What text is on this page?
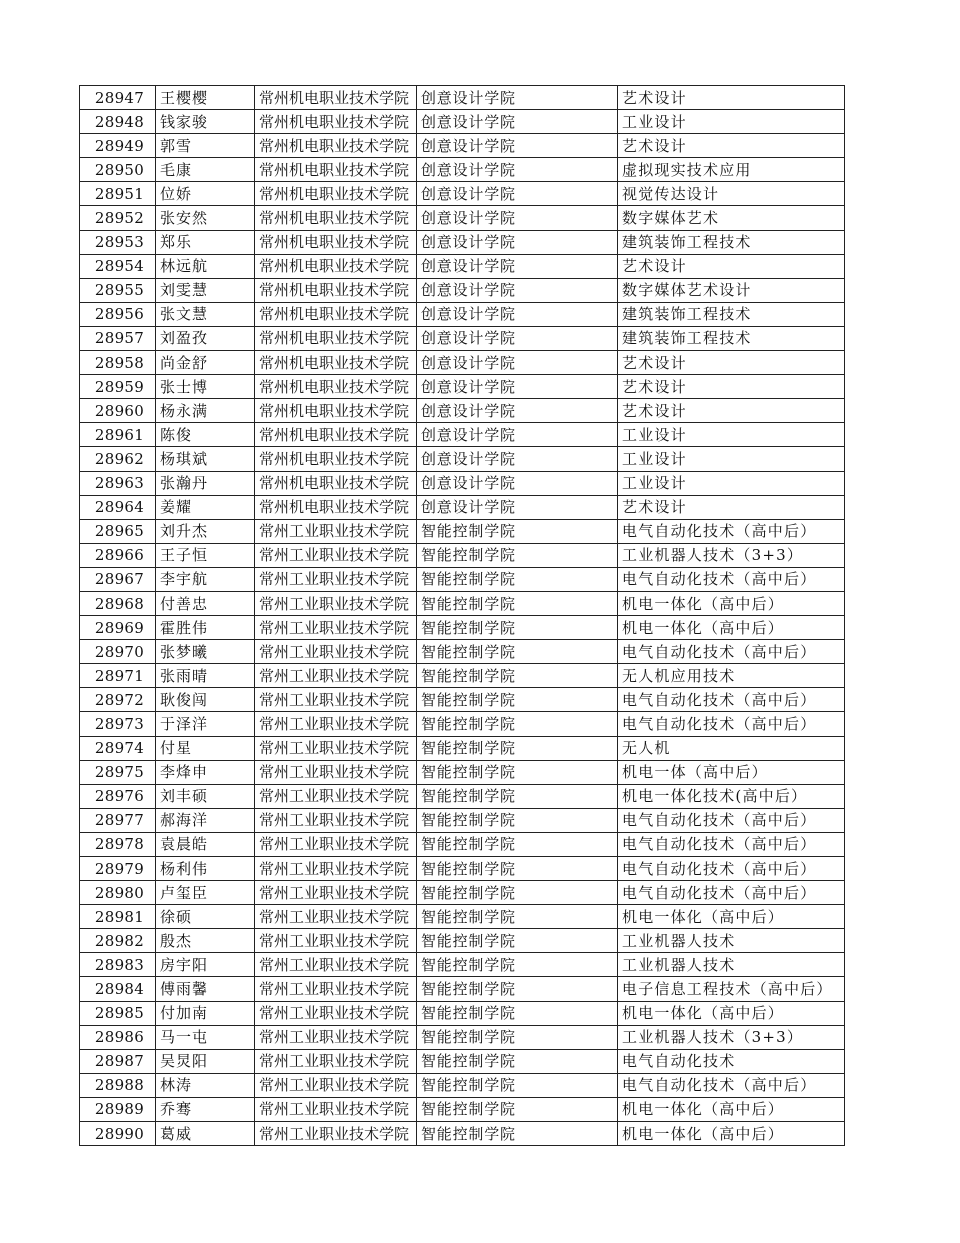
28947	王樱樱	常州机电职业技术学院	创意设计学院	艺术设计
28948	钱家骏	常州机电职业技术学院	创意设计学院	工业设计
28949	郭雪	常州机电职业技术学院	创意设计学院	艺术设计
28950	毛康	常州机电职业技术学院	创意设计学院	虚拟现实技术应用
28951	位娇	常州机电职业技术学院	创意设计学院	视觉传达设计
28952	张安然	常州机电职业技术学院	创意设计学院	数字媒体艺术
28953	郑乐	常州机电职业技术学院	创意设计学院	建筑装饰工程技术
28954	林远航	常州机电职业技术学院	创意设计学院	艺术设计
28955	刘雯慧	常州机电职业技术学院	创意设计学院	数字媒体艺术设计
28956	张文慧	常州机电职业技术学院	创意设计学院	建筑装饰工程技术
28957	刘盈孜	常州机电职业技术学院	创意设计学院	建筑装饰工程技术
28958	尚金舒	常州机电职业技术学院	创意设计学院	艺术设计
28959	张士博	常州机电职业技术学院	创意设计学院	艺术设计
28960	杨永满	常州机电职业技术学院	创意设计学院	艺术设计
28961	陈俊	常州机电职业技术学院	创意设计学院	工业设计
28962	杨琪斌	常州机电职业技术学院	创意设计学院	工业设计
28963	张瀚丹	常州机电职业技术学院	创意设计学院	工业设计
28964	姜耀	常州机电职业技术学院	创意设计学院	艺术设计
28965	刘升杰	常州工业职业技术学院	智能控制学院	电气自动化技术（高中后）
28966	王子恒	常州工业职业技术学院	智能控制学院	工业机器人技术（3+3）
28967	李宇航	常州工业职业技术学院	智能控制学院	电气自动化技术（高中后）
28968	付善忠	常州工业职业技术学院	智能控制学院	机电一体化（高中后）
28969	霍胜伟	常州工业职业技术学院	智能控制学院	机电一体化（高中后）
28970	张梦曦	常州工业职业技术学院	智能控制学院	电气自动化技术（高中后）
28971	张雨晴	常州工业职业技术学院	智能控制学院	无人机应用技术
28972	耿俊闯	常州工业职业技术学院	智能控制学院	电气自动化技术（高中后）
28973	于泽洋	常州工业职业技术学院	智能控制学院	电气自动化技术（高中后）
28974	付星	常州工业职业技术学院	智能控制学院	无人机
28975	李烽申	常州工业职业技术学院	智能控制学院	机电一体（高中后）
28976	刘丰硕	常州工业职业技术学院	智能控制学院	机电一体化技术(高中后）
28977	郝海洋	常州工业职业技术学院	智能控制学院	电气自动化技术（高中后）
28978	袁晨皓	常州工业职业技术学院	智能控制学院	电气自动化技术（高中后）
28979	杨利伟	常州工业职业技术学院	智能控制学院	电气自动化技术（高中后）
28980	卢玺臣	常州工业职业技术学院	智能控制学院	电气自动化技术（高中后）
28981	徐硕	常州工业职业技术学院	智能控制学院	机电一体化（高中后）
28982	殷杰	常州工业职业技术学院	智能控制学院	工业机器人技术
28983	房宇阳	常州工业职业技术学院	智能控制学院	工业机器人技术
28984	傅雨馨	常州工业职业技术学院	智能控制学院	电子信息工程技术（高中后）
28985	付加南	常州工业职业技术学院	智能控制学院	机电一体化（高中后）
28986	马一屯	常州工业职业技术学院	智能控制学院	工业机器人技术（3+3）
28987	吴炅阳	常州工业职业技术学院	智能控制学院	电气自动化技术
28988	林涛	常州工业职业技术学院	智能控制学院	电气自动化技术（高中后）
28989	乔骞	常州工业职业技术学院	智能控制学院	机电一体化（高中后）
28990	葛威	常州工业职业技术学院	智能控制学院	机电一体化（高中后）
